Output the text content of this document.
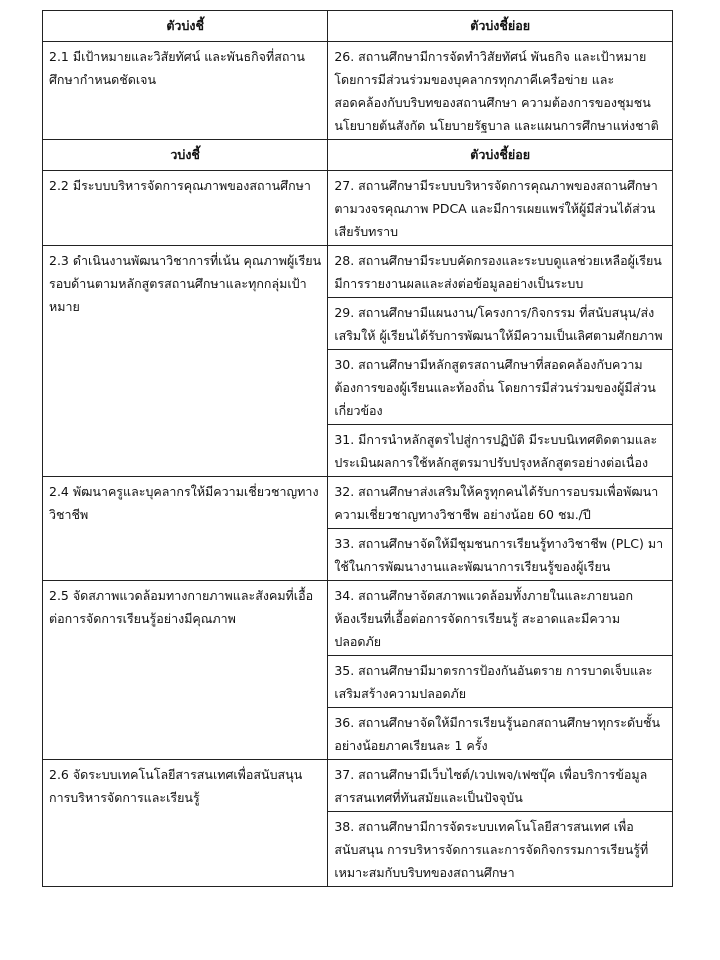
ตัวบ่งชี้	ตัวบ่งชี้ย่อย
2.1 มีเป้าหมายและวิสัยทัศน์ และพันธกิจที่สถานศึกษากำหนดชัดเจน	26. สถานศึกษามีการจัดทำวิสัยทัศน์ พันธกิจ และเป้าหมาย โดยการมีส่วนร่วมของบุคลากรทุกภาคีเครือข่าย และสอดคล้องกับบริบทของสถานศึกษา ความต้องการของชุมชน นโยบายต้นสังกัด นโยบายรัฐบาล และแผนการศึกษาแห่งชาติ
วบ่งชี้	ตัวบ่งชี้ย่อย
2.2 มีระบบบริหารจัดการคุณภาพของสถานศึกษา	27. สถานศึกษามีระบบบริหารจัดการคุณภาพของสถานศึกษาตามวงจรคุณภาพ PDCA และมีการเผยแพร่ให้ผู้มีส่วนได้ส่วนเสียรับทราบ
2.3 ดำเนินงานพัฒนาวิชาการที่เน้น คุณภาพผู้เรียนรอบด้านตามหลักสูตรสถานศึกษาและทุกกลุ่มเป้าหมาย	28. สถานศึกษามีระบบคัดกรองและระบบดูแลช่วยเหลือผู้เรียนมีการรายงานผลและส่งต่อข้อมูลอย่างเป็นระบบ
	29. สถานศึกษามีแผนงาน/โครงการ/กิจกรรม ที่สนับสนุน/ส่งเสริมให้ ผู้เรียนได้รับการพัฒนาให้มีความเป็นเลิศตามศักยภาพ
	30. สถานศึกษามีหลักสูตรสถานศึกษาที่สอดคล้องกับความต้องการของผู้เรียนและท้องถิ่น โดยการมีส่วนร่วมของผู้มีส่วนเกี่ยวข้อง
	31. มีการนำหลักสูตรไปสู่การปฏิบัติ มีระบบนิเทศติดตามและประเมินผลการใช้หลักสูตรมาปรับปรุงหลักสูตรอย่างต่อเนื่อง
2.4 พัฒนาครูและบุคลากรให้มีความเชี่ยวชาญทางวิชาชีพ	32. สถานศึกษาส่งเสริมให้ครูทุกคนได้รับการอบรมเพื่อพัฒนาความเชี่ยวชาญทางวิชาชีพ อย่างน้อย 60 ชม./ปี
	33. สถานศึกษาจัดให้มีชุมชนการเรียนรู้ทางวิชาชีพ (PLC) มาใช้ในการพัฒนางานและพัฒนาการเรียนรู้ของผู้เรียน
2.5 จัดสภาพแวดล้อมทางกายภาพและสังคมที่เอื้อต่อการจัดการเรียนรู้อย่างมีคุณภาพ	34. สถานศึกษาจัดสภาพแวดล้อมทั้งภายในและภายนอกห้องเรียนที่เอื้อต่อการจัดการเรียนรู้ สะอาดและมีความปลอดภัย
	35. สถานศึกษามีมาตรการป้องกันอันตราย การบาดเจ็บและเสริมสร้างความปลอดภัย
	36. สถานศึกษาจัดให้มีการเรียนรู้นอกสถานศึกษาทุกระดับชั้น อย่างน้อยภาคเรียนละ 1 ครั้ง
2.6 จัดระบบเทคโนโลยีสารสนเทศเพื่อสนับสนุนการบริหารจัดการและเรียนรู้	37. สถานศึกษามีเว็บไซต์/เวปเพจ/เฟซบุ๊ค เพื่อบริการข้อมูลสารสนเทศที่ทันสมัยและเป็นปัจจุบัน
	38. สถานศึกษามีการจัดระบบเทคโนโลยีสารสนเทศ เพื่อสนับสนุน การบริหารจัดการและการจัดกิจกรรมการเรียนรู้ที่เหมาะสมกับบริบทของสถานศึกษา
